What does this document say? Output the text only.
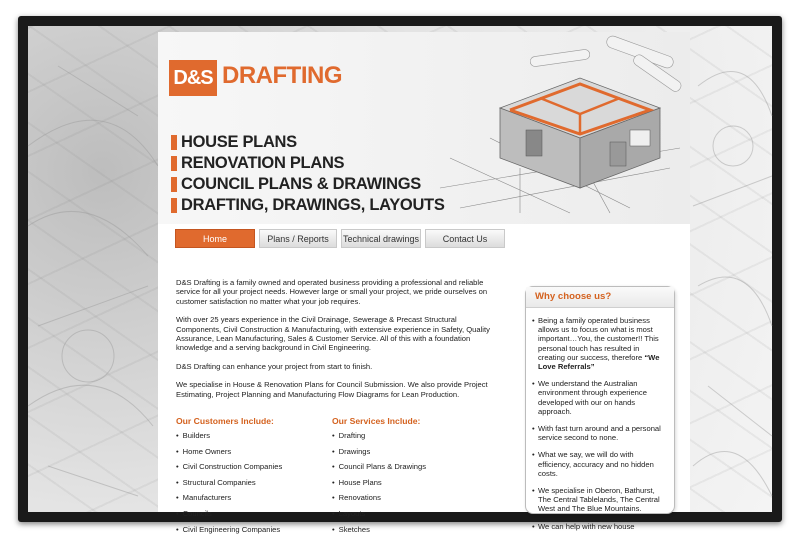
D&S DRAFTING
HOUSE PLANS
RENOVATION PLANS
COUNCIL PLANS & DRAWINGS
DRAFTING, DRAWINGS, LAYOUTS
Home	Plans / Reports	Technical drawings	Contact Us

D&S Drafting is a family owned and operated business providing a professional and reliable service for all your project needs. However large or small your project, we pride ourselves on customer satisfaction no matter what your job requires.

With over 25 years experience in the Civil Drainage, Sewerage & Precast Structural Components, Civil Construction & Manufacturing, with extensive experience in Safety, Quality Assurance, Lean Manufacturing, Sales & Customer Service. All of this with a foundation knowledge and a serving background in Civil Engineering.

D&S Drafting can enhance your project from start to finish.

We specialise in House & Renovation Plans for Council Submission. We also provide Project Estimating, Project Planning and Manufacturing Flow Diagrams for Lean Production.

Our Customers Include:
• Builders
• Home Owners
• Civil Construction Companies
• Structural Companies
• Manufacturers
• Councils
• Civil Engineering Companies
Our Services Include:
• Drafting
• Drawings
• Council Plans & Drawings
• House Plans
• Renovations
• Layouts
• Sketches
Why choose us?
• Being a family operated business allows us to focus on what is most important…You, the customer!! This personal touch has resulted in creating our success, therefore “We Love Referrals”
• We understand the Australian environment through experience developed with our on hands approach.
• With fast turn around and a personal service second to none.
• What we say, we will do with efficiency, accuracy and no hidden costs.
• We specialise in Oberon, Bathurst, The Central Tablelands, The Central West and The Blue Mountains.
• We can help with new house
